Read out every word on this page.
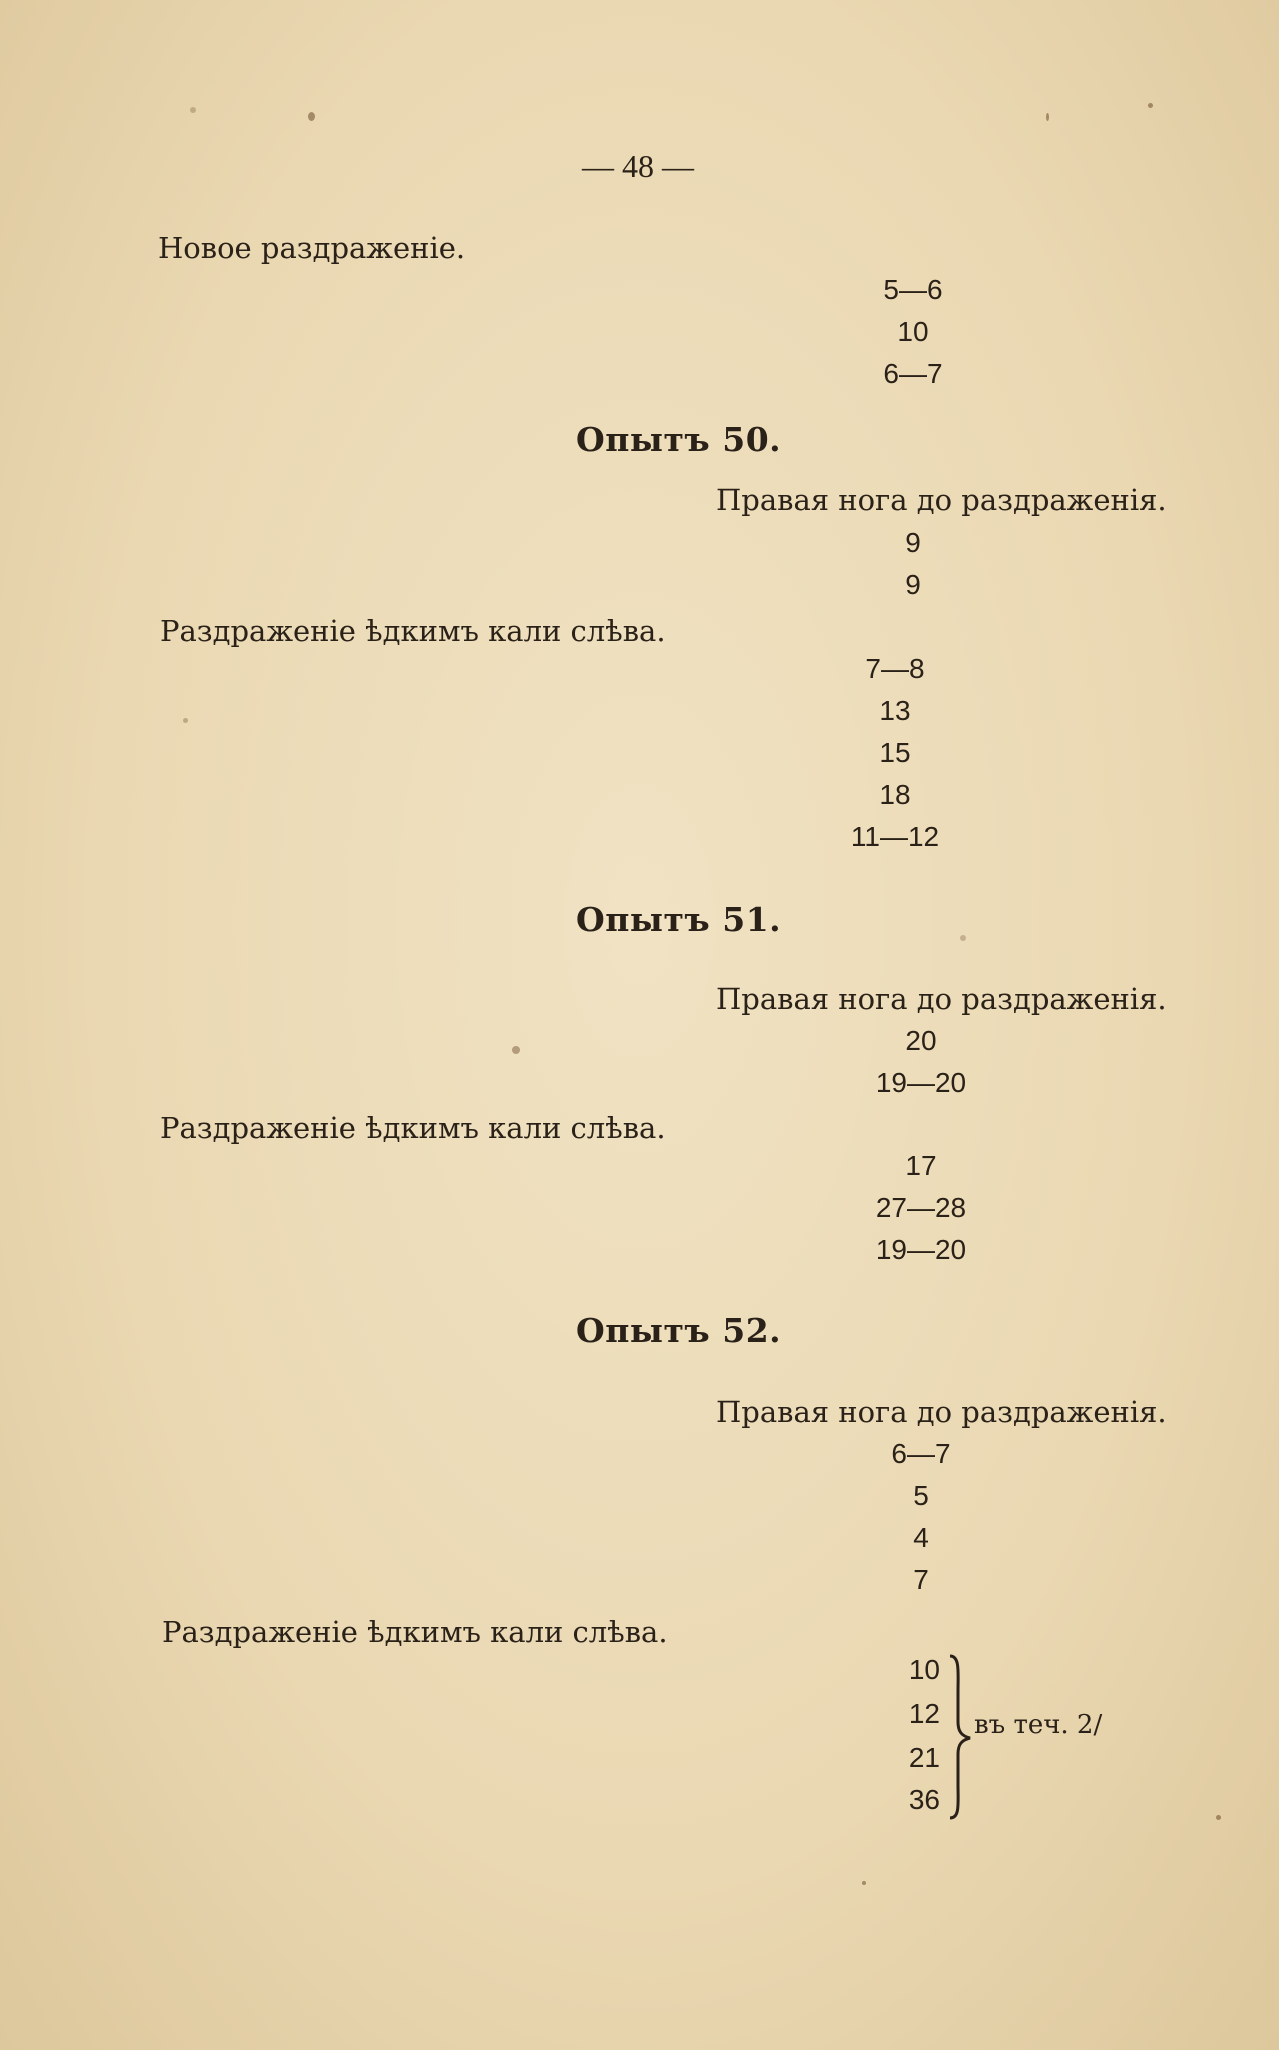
— 48 —
Новое раздраженіе.
5—6
10
6—7
Опытъ 50.
Правая нога до раздраженія.
9
9
Раздраженіе ѣдкимъ кали слѣва.
7—8
13
15
18
11—12
Опытъ 51.
Правая нога до раздраженія.
20
19—20
Раздраженіе ѣдкимъ кали слѣва.
17
27—28
19—20
Опытъ 52.
Правая нога до раздраженія.
6—7
5
4
7
Раздраженіе ѣдкимъ кали слѣва.
10
12
21
36
въ теч. 2/
